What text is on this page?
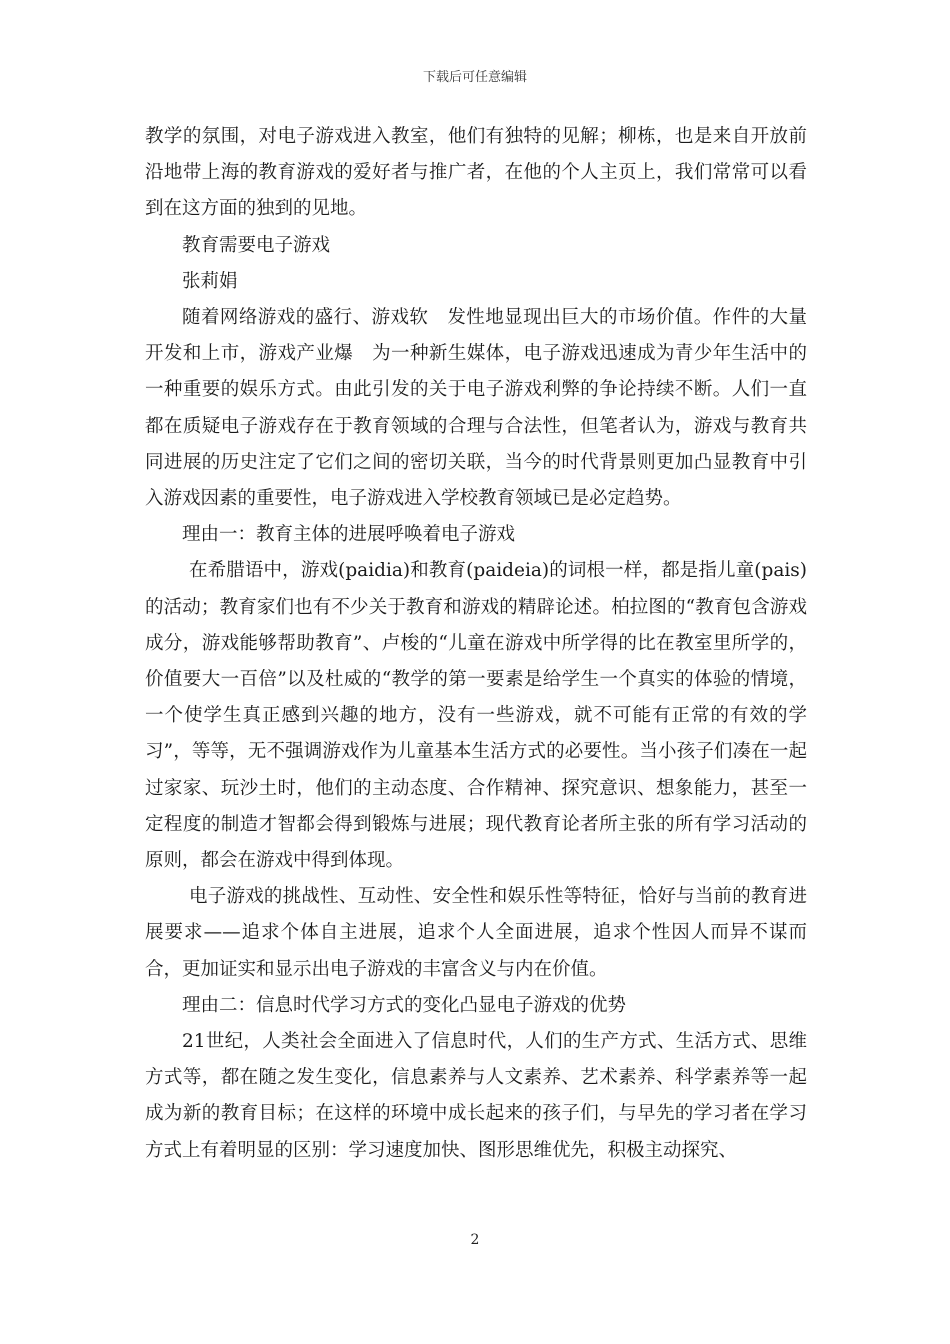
下载后可任意编辑

教学的氛围，对电子游戏进入教室，他们有独特的见解；柳栋，也是来自开放前沿地带上海的教育游戏的爱好者与推广者，在他的个人主页上，我们常常可以看到在这方面的独到的见地。

教育需要电子游戏

张莉娟

随着网络游戏的盛行、游戏软　发性地显现出巨大的市场价值。作件的大量开发和上市，游戏产业爆　为一种新生媒体，电子游戏迅速成为青少年生活中的一种重要的娱乐方式。由此引发的关于电子游戏利弊的争论持续不断。人们一直都在质疑电子游戏存在于教育领域的合理与合法性，但笔者认为，游戏与教育共同进展的历史注定了它们之间的密切关联，当今的时代背景则更加凸显教育中引入游戏因素的重要性，电子游戏进入学校教育领域已是必定趋势。

理由一：教育主体的进展呼唤着电子游戏

在希腊语中，游戏(paidia)和教育(paideia)的词根一样，都是指儿童(pais)的活动；教育家们也有不少关于教育和游戏的精辟论述。柏拉图的“教育包含游戏成分，游戏能够帮助教育”、卢梭的“儿童在游戏中所学得的比在教室里所学的，价值要大一百倍”以及杜威的“教学的第一要素是给学生一个真实的体验的情境，一个使学生真正感到兴趣的地方，没有一些游戏，就不可能有正常的有效的学习”，等等，无不强调游戏作为儿童基本生活方式的必要性。当小孩子们凑在一起过家家、玩沙土时，他们的主动态度、合作精神、探究意识、想象能力，甚至一定程度的制造才智都会得到锻炼与进展；现代教育论者所主张的所有学习活动的原则，都会在游戏中得到体现。

电子游戏的挑战性、互动性、安全性和娱乐性等特征，恰好与当前的教育进展要求——追求个体自主进展，追求个人全面进展，追求个性因人而异不谋而合，更加证实和显示出电子游戏的丰富含义与内在价值。

理由二：信息时代学习方式的变化凸显电子游戏的优势

21世纪，人类社会全面进入了信息时代，人们的生产方式、生活方式、思维方式等，都在随之发生变化，信息素养与人文素养、艺术素养、科学素养等一起成为新的教育目标；在这样的环境中成长起来的孩子们，与早先的学习者在学习方式上有着明显的区别：学习速度加快、图形思维优先，积极主动探究、

2
